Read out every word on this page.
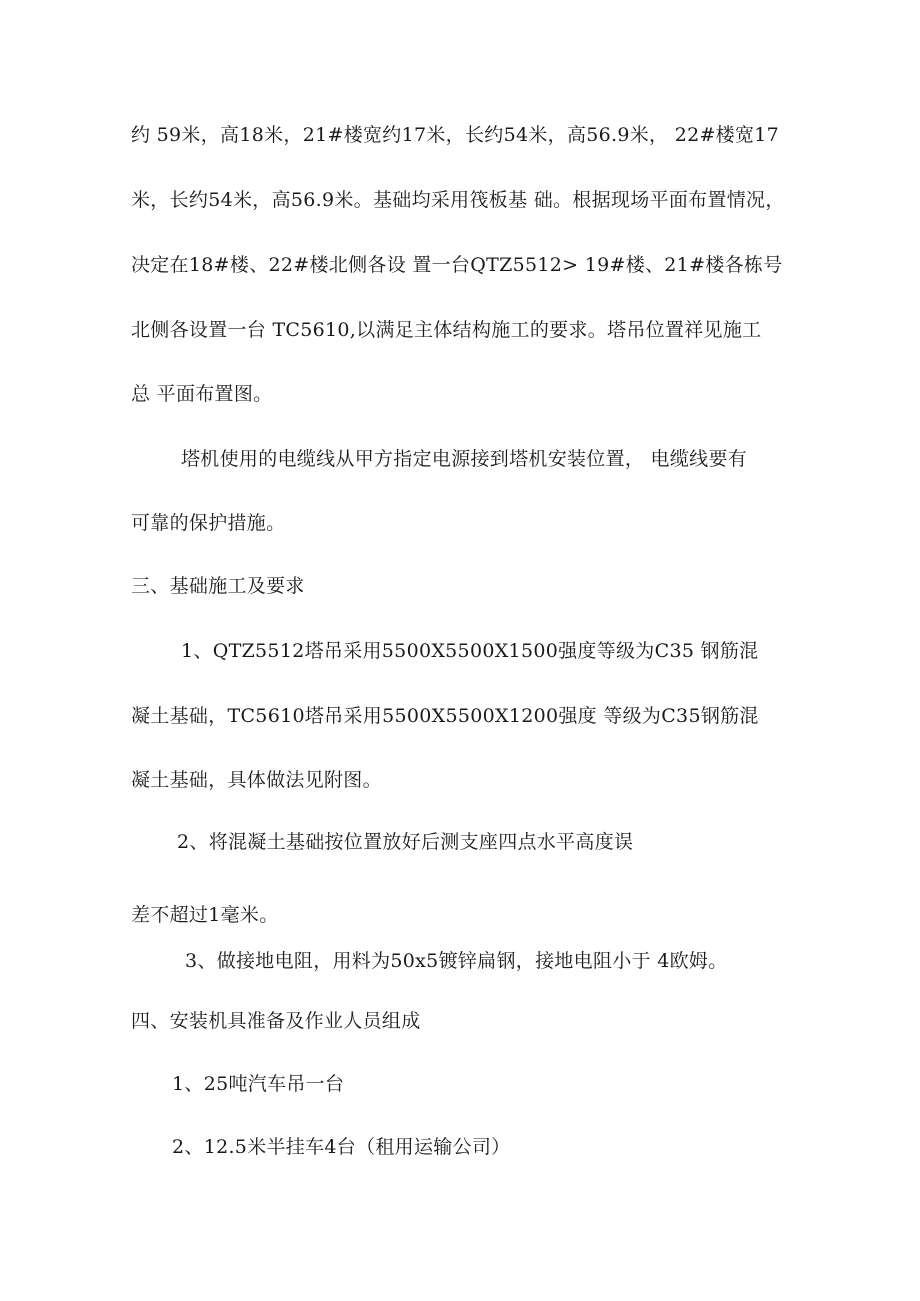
约 59米，高18米，21#楼宽约17米，长约54米，高56.9米， 22#楼宽17
米，长约54米，高56.9米。基础均采用筏板基 础。根据现场平面布置情况，
决定在18#楼、22#楼北侧各设 置一台QTZ5512> 19#楼、21#楼各栋号
北侧各设置一台 TC5610,以满足主体结构施工的要求。塔吊位置祥见施工
总 平面布置图。
塔机使用的电缆线从甲方指定电源接到塔机安装位置， 电缆线要有
可靠的保护措施。
三、基础施工及要求
1、QTZ5512塔吊采用5500X5500X1500强度等级为C35 钢筋混
凝土基础，TC5610塔吊采用5500X5500X1200强度 等级为C35钢筋混
凝土基础，具体做法见附图。
2、将混凝土基础按位置放好后测支座四点水平高度误
差不超过1毫米。
3、做接地电阻，用料为50x5镀锌扁钢，接地电阻小于 4欧姆。
四、安装机具准备及作业人员组成
1、25吨汽车吊一台
2、12.5米半挂车4台（租用运输公司）
